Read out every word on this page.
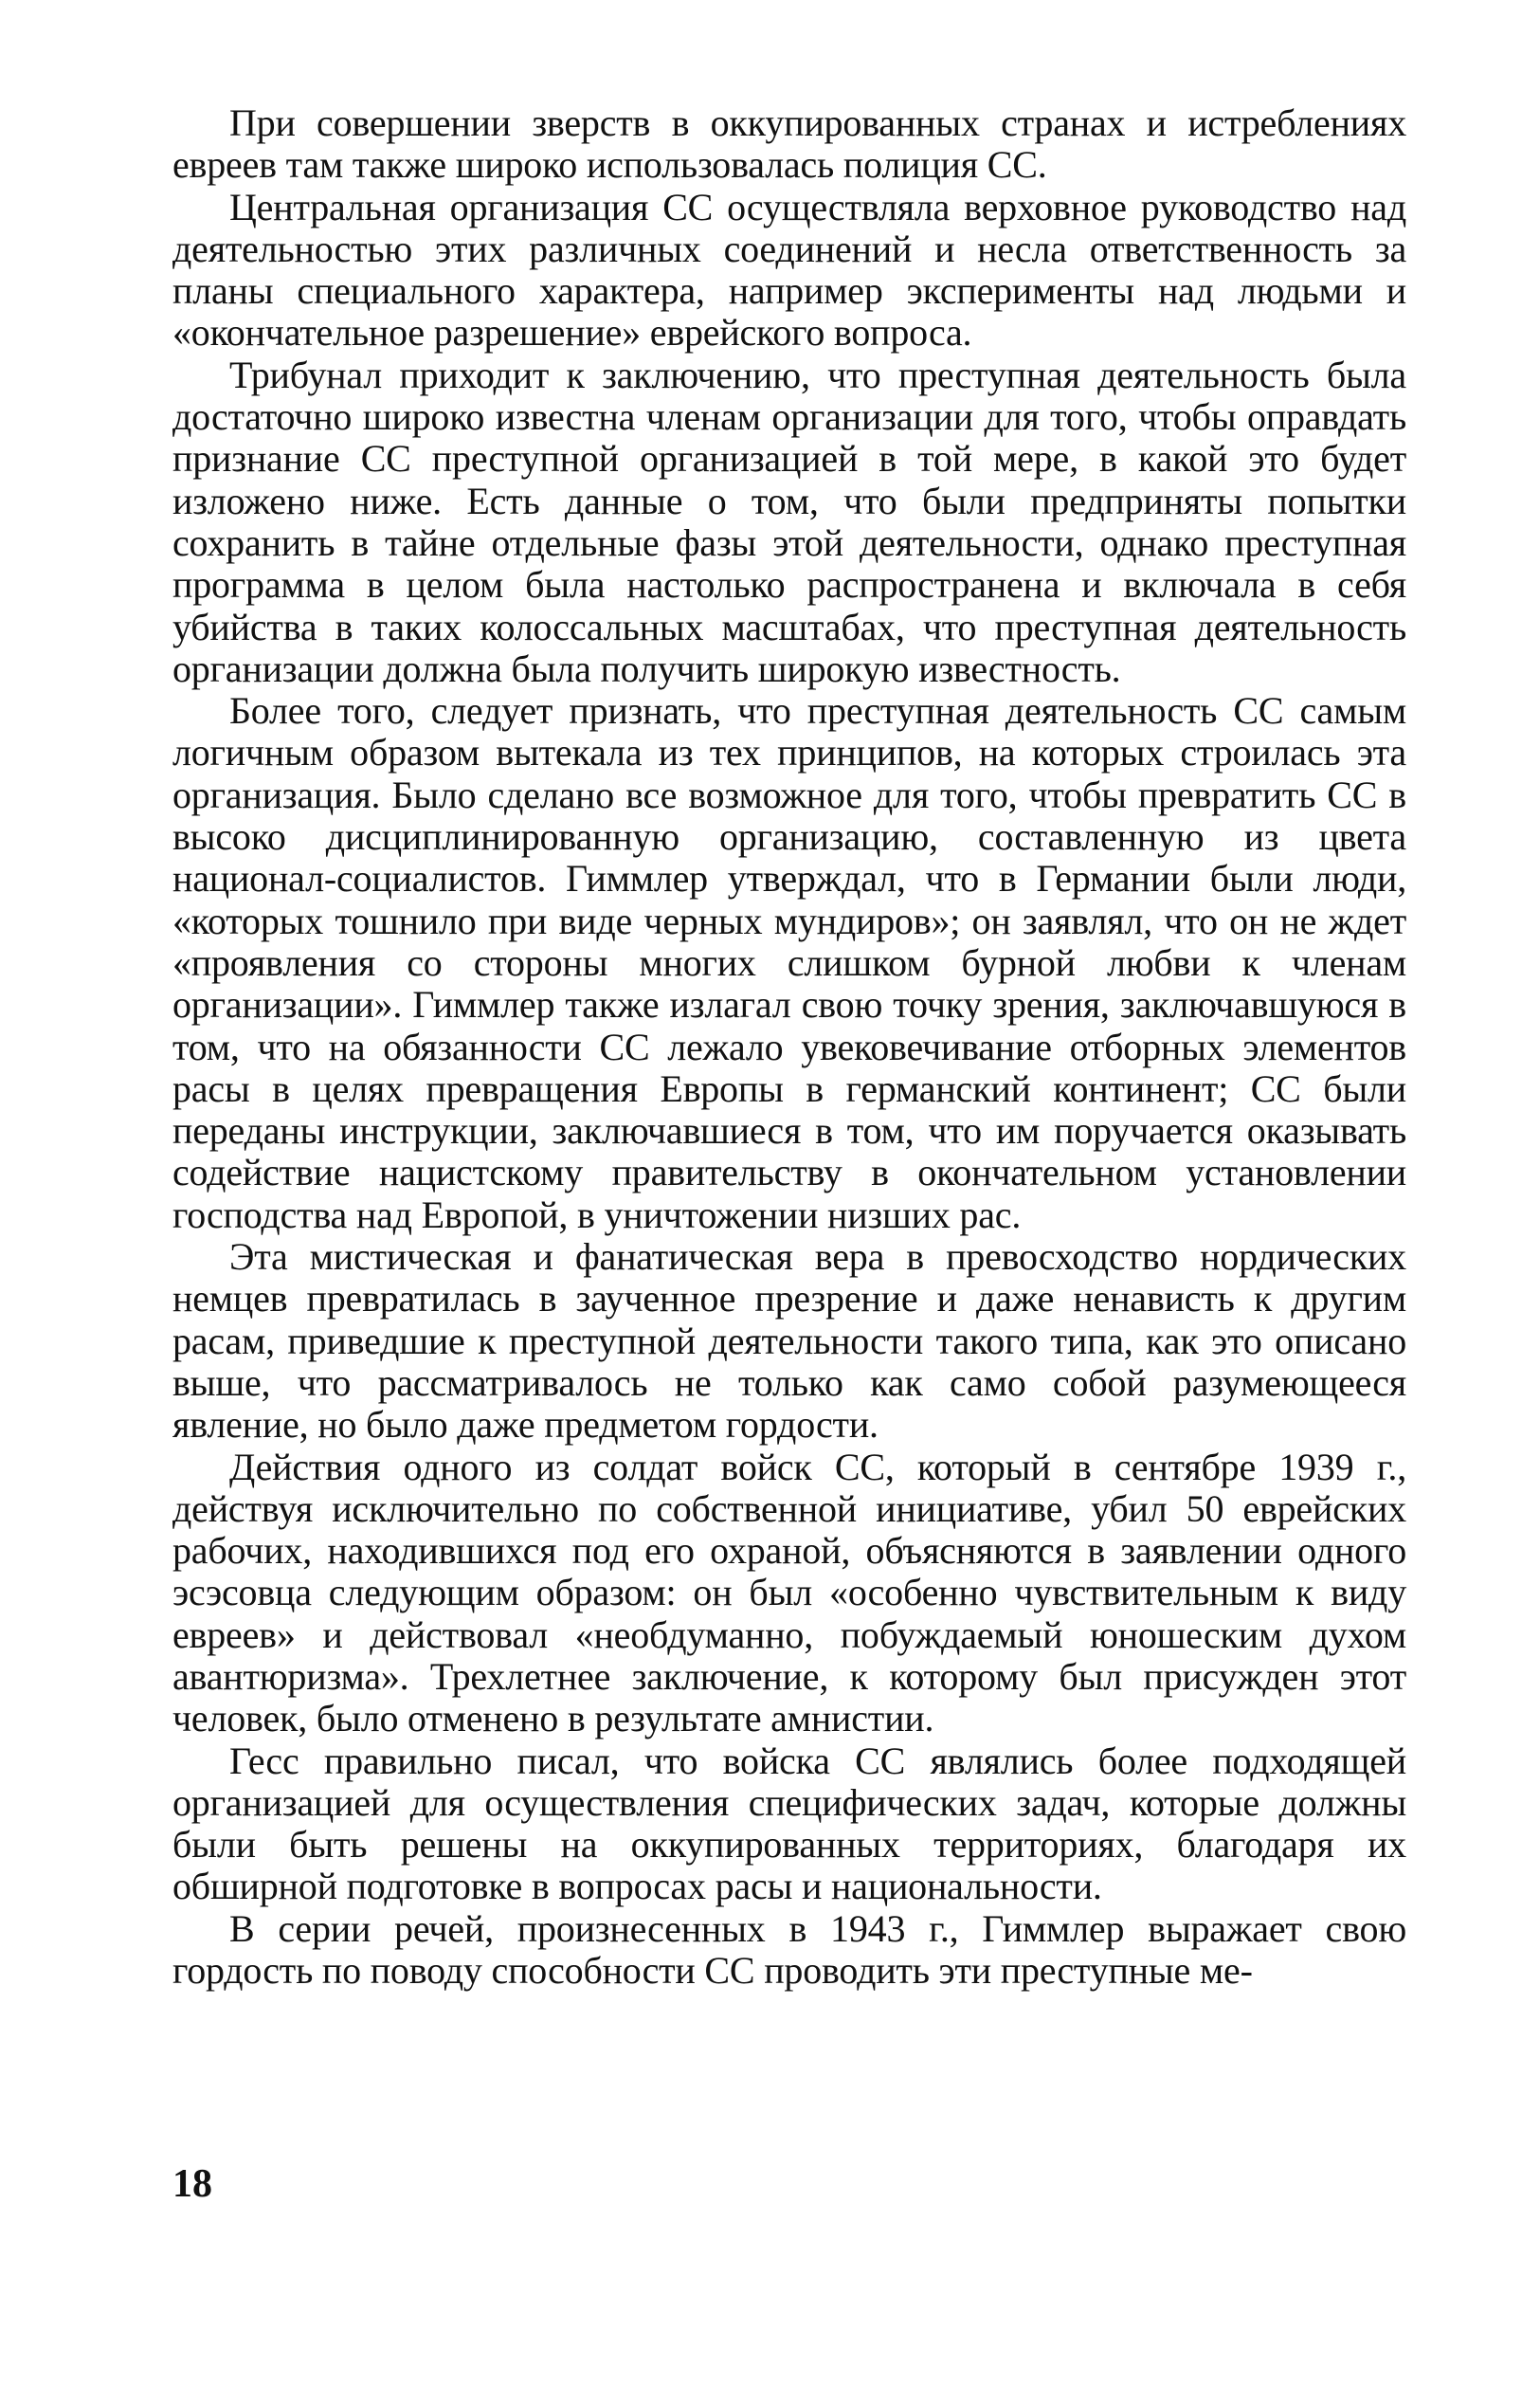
При совершении зверств в оккупированных странах и истреблениях евреев там также широко использовалась полиция СС.

Центральная организация СС осуществляла верховное руководство над деятельностью этих различных соединений и несла ответственность за планы специального характера, например эксперименты над людьми и «окончательное разрешение» еврейского вопроса.

Трибунал приходит к заключению, что преступная деятельность была достаточно широко известна членам организации для того, чтобы оправдать признание СС преступной организацией в той мере, в какой это будет изложено ниже. Есть данные о том, что были предприняты попытки сохранить в тайне отдельные фазы этой деятельности, однако преступная программа в целом была настолько распространена и включала в себя убийства в таких колоссальных масштабах, что преступная деятельность организации должна была получить широкую известность.

Более того, следует признать, что преступная деятельность СС самым логичным образом вытекала из тех принципов, на которых строилась эта организация. Было сделано все возможное для того, чтобы превратить СС в высоко дисциплинированную организацию, составленную из цвета национал-социалистов. Гиммлер утверждал, что в Германии были люди, «которых тошнило при виде черных мундиров»; он заявлял, что он не ждет «проявления со стороны многих слишком бурной любви к членам организации». Гиммлер также излагал свою точку зрения, заключавшуюся в том, что на обязанности СС лежало увековечивание отборных элементов расы в целях превращения Европы в германский континент; СС были переданы инструкции, заключавшиеся в том, что им поручается оказывать содействие нацистскому правительству в окончательном установлении господства над Европой, в уничтожении низших рас.

Эта мистическая и фанатическая вера в превосходство нордических немцев превратилась в заученное презрение и даже ненависть к другим расам, приведшие к преступной деятельности такого типа, как это описано выше, что рассматривалось не только как само собой разумеющееся явление, но было даже предметом гордости.

Действия одного из солдат войск СС, который в сентябре 1939 г., действуя исключительно по собственной инициативе, убил 50 еврейских рабочих, находившихся под его охраной, объясняются в заявлении одного эсэсовца следующим образом: он был «особенно чувствительным к виду евреев» и действовал «необдуманно, побуждаемый юношеским духом авантюризма». Трехлетнее заключение, к которому был присужден этот человек, было отменено в результате амнистии.

Гесс правильно писал, что войска СС являлись более подходящей организацией для осуществления специфических задач, которые должны были быть решены на оккупированных территориях, благодаря их обширной подготовке в вопросах расы и национальности.

В серии речей, произнесенных в 1943 г., Гиммлер выражает свою гордость по поводу способности СС проводить эти преступные ме-

18
